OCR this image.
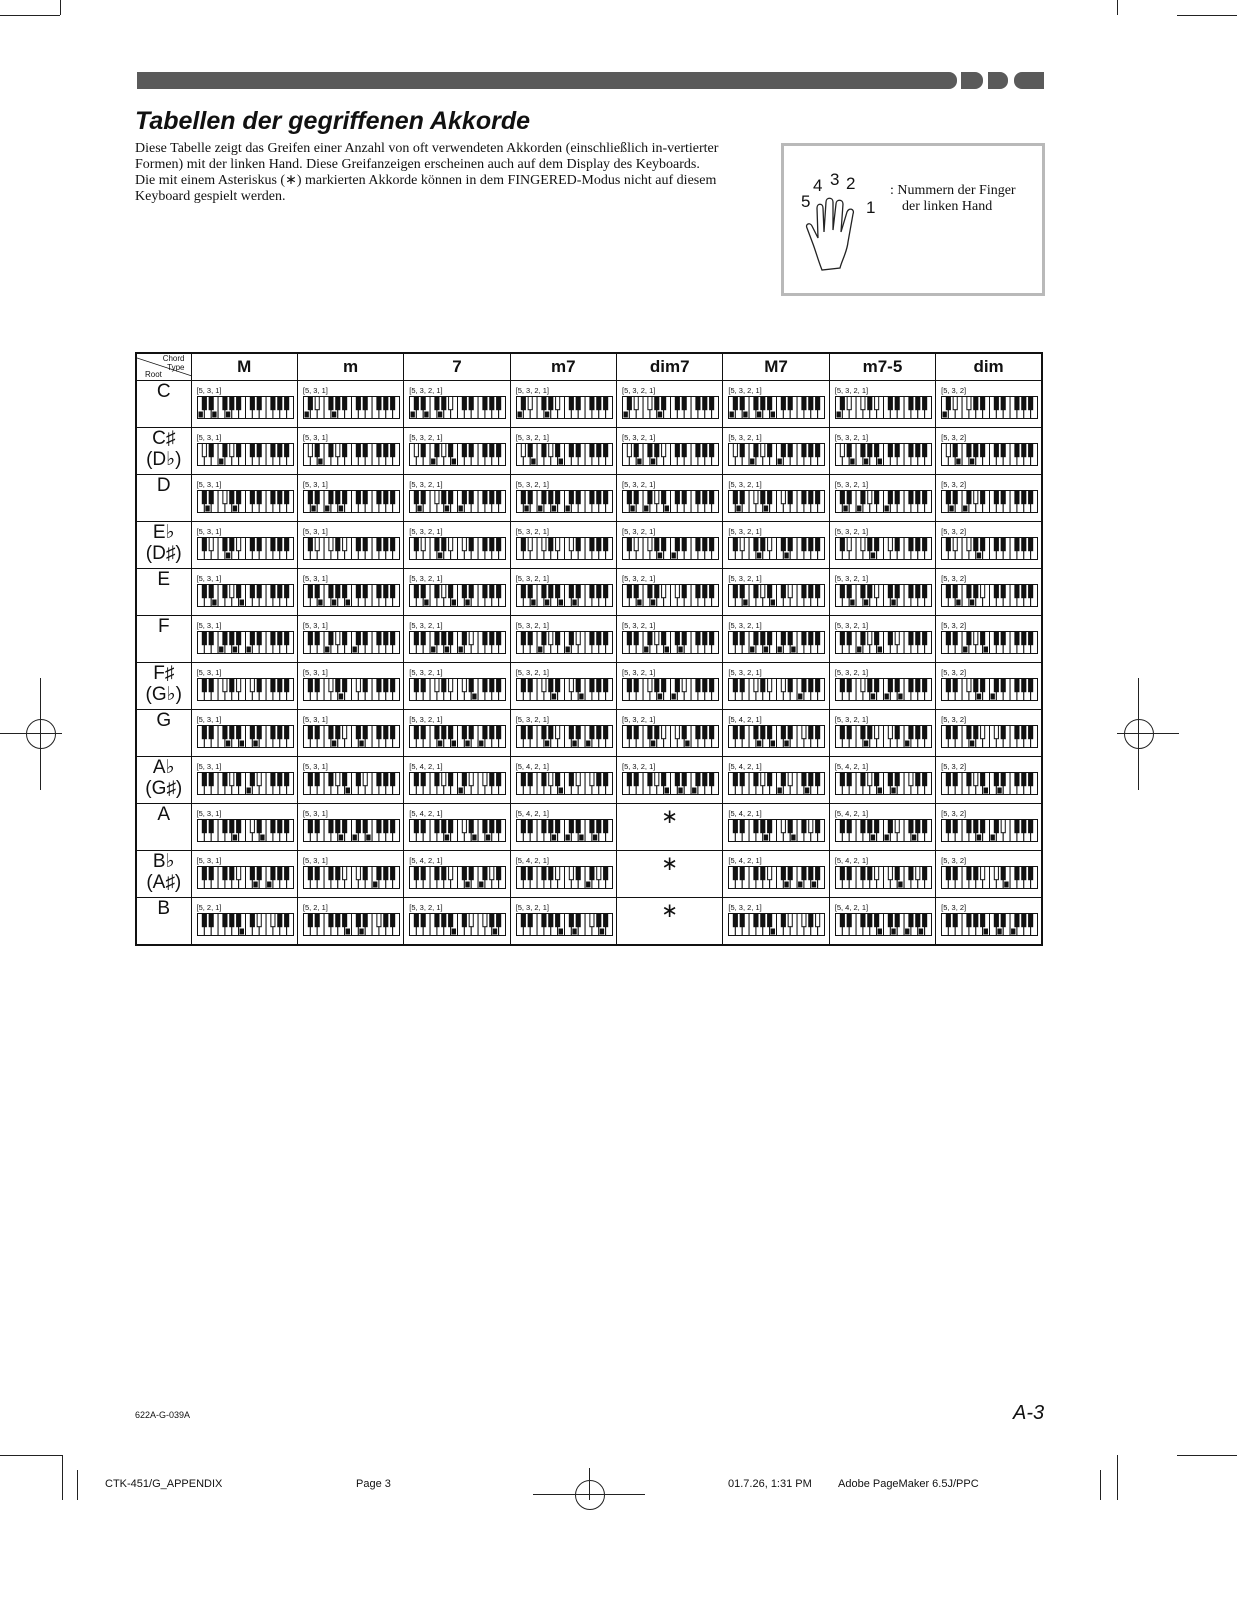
Tabellen der gegriffenen Akkorde

Diese Tabelle zeigt das Greifen einer Anzahl von oft verwendeten Akkorden (einschließlich in-vertierter Formen) mit der linken Hand. Diese Greifanzeigen erscheinen auch auf dem Display des Keyboards.

Die mit einem Asteriskus (∗) markierten Akkorde können in dem FINGERED-Modus nicht auf diesem Keyboard gespielt werden.

4 3 2
5	1
: Nummern der Finger
der linken Hand
Chord
Type
Root	M	m	7	m7	dim7	M7	m7-5	dim

C	[5, 3, 1]	[5, 3, 1]	[5, 3, 2, 1]	[5, 3, 2, 1]	[5, 3, 2, 1]	[5, 3, 2, 1]	[5, 3, 2, 1]	[5, 3, 2]

C♯
(D♭)	[5, 3, 1]	[5, 3, 1]	[5, 3, 2, 1]	[5, 3, 2, 1]	[5, 3, 2, 1]	[5, 3, 2, 1]	[5, 3, 2, 1]	[5, 3, 2]

D	[5, 3, 1]	[5, 3, 1]	[5, 3, 2, 1]	[5, 3, 2, 1]	[5, 3, 2, 1]	[5, 3, 2, 1]	[5, 3, 2, 1]	[5, 3, 2]

E♭
(D♯)	[5, 3, 1]	[5, 3, 1]	[5, 3, 2, 1]	[5, 3, 2, 1]	[5, 3, 2, 1]	[5, 3, 2, 1]	[5, 3, 2, 1]	[5, 3, 2]

E	[5, 3, 1]	[5, 3, 1]	[5, 3, 2, 1]	[5, 3, 2, 1]	[5, 3, 2, 1]	[5, 3, 2, 1]	[5, 3, 2, 1]	[5, 3, 2]

F	[5, 3, 1]	[5, 3, 1]	[5, 3, 2, 1]	[5, 3, 2, 1]	[5, 3, 2, 1]	[5, 3, 2, 1]	[5, 3, 2, 1]	[5, 3, 2]

F♯
(G♭)	[5, 3, 1]	[5, 3, 1]	[5, 3, 2, 1]	[5, 3, 2, 1]	[5, 3, 2, 1]	[5, 3, 2, 1]	[5, 3, 2, 1]	[5, 3, 2]

G	[5, 3, 1]	[5, 3, 1]	[5, 3, 2, 1]	[5, 3, 2, 1]	[5, 3, 2, 1]	[5, 4, 2, 1]	[5, 3, 2, 1]	[5, 3, 2]

A♭
(G♯)	[5, 3, 1]	[5, 3, 1]	[5, 4, 2, 1]	[5, 4, 2, 1]	[5, 3, 2, 1]	[5, 4, 2, 1]	[5, 4, 2, 1]	[5, 3, 2]

A	[5, 3, 1]	[5, 3, 1]	[5, 4, 2, 1]	[5, 4, 2, 1]	∗	[5, 4, 2, 1]	[5, 4, 2, 1]	[5, 3, 2]

B♭
(A♯)	[5, 3, 1]	[5, 3, 1]	[5, 4, 2, 1]	[5, 4, 2, 1]	∗	[5, 4, 2, 1]	[5, 4, 2, 1]	[5, 3, 2]

B	[5, 2, 1]	[5, 2, 1]	[5, 3, 2, 1]	[5, 3, 2, 1]	∗	[5, 3, 2, 1]	[5, 4, 2, 1]	[5, 3, 2]
622A-G-039A	A-3
CTK-451/G_APPENDIX	Page 3	01.7.26, 1:31 PM Adobe PageMaker 6.5J/PPC
